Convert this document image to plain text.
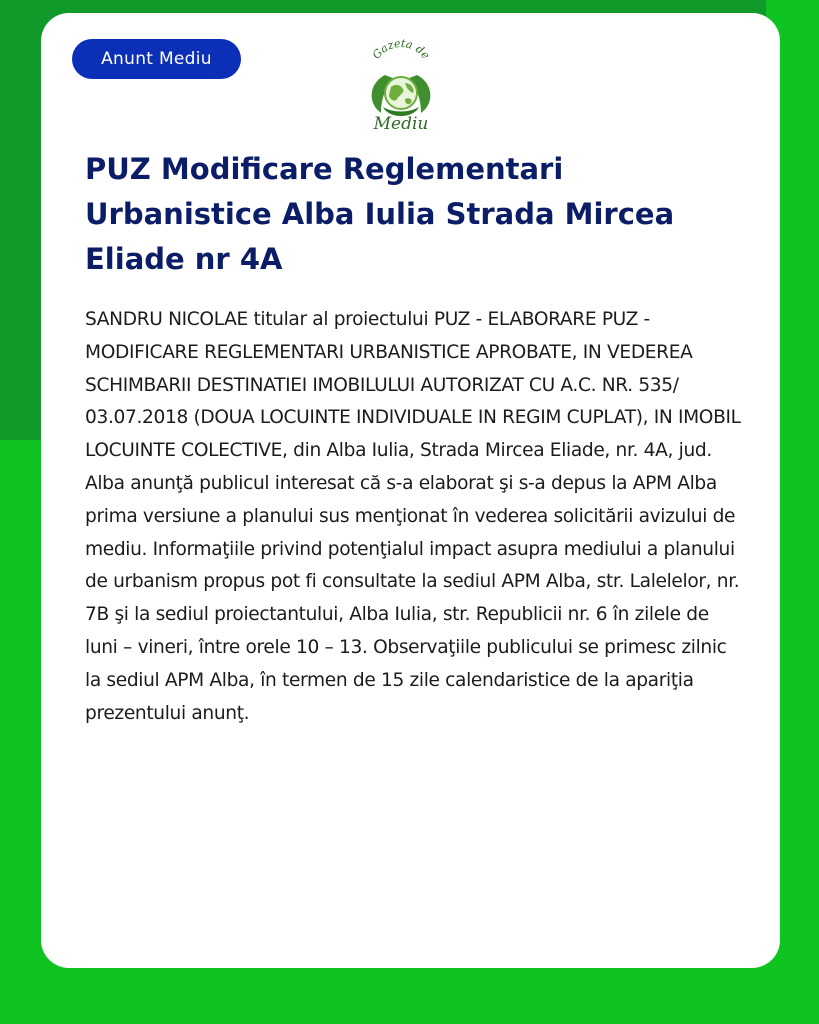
Anunt Mediu	Gazeta de
Mediu
PUZ Modificare Reglementari Urbanistice Alba Iulia Strada Mircea Eliade nr 4A

SANDRU NICOLAE titular al proiectului PUZ - ELABORARE PUZ - MODIFICARE REGLEMENTARI URBANISTICE APROBATE, IN VEDEREA SCHIMBARII DESTINATIEI IMOBILULUI AUTORIZAT CU A.C. NR. 535/ 03.07.2018 (DOUA LOCUINTE INDIVIDUALE IN REGIM CUPLAT), IN IMOBIL LOCUINTE COLECTIVE, din Alba Iulia, Strada Mircea Eliade, nr. 4A, jud. Alba anunţă publicul interesat că s-a elaborat şi s-a depus la APM Alba prima versiune a planului sus menţionat în vederea solicitării avizului de mediu. Informaţiile privind potenţialul impact asupra mediului a planului de urbanism propus pot fi consultate la sediul APM Alba, str. Lalelelor, nr. 7B şi la sediul proiectantului, Alba Iulia, str. Republicii nr. 6 în zilele de luni – vineri, între orele 10 – 13. Observaţiile publicului se primesc zilnic la sediul APM Alba, în termen de 15 zile calendaristice de la apariţia prezentului anunţ.
